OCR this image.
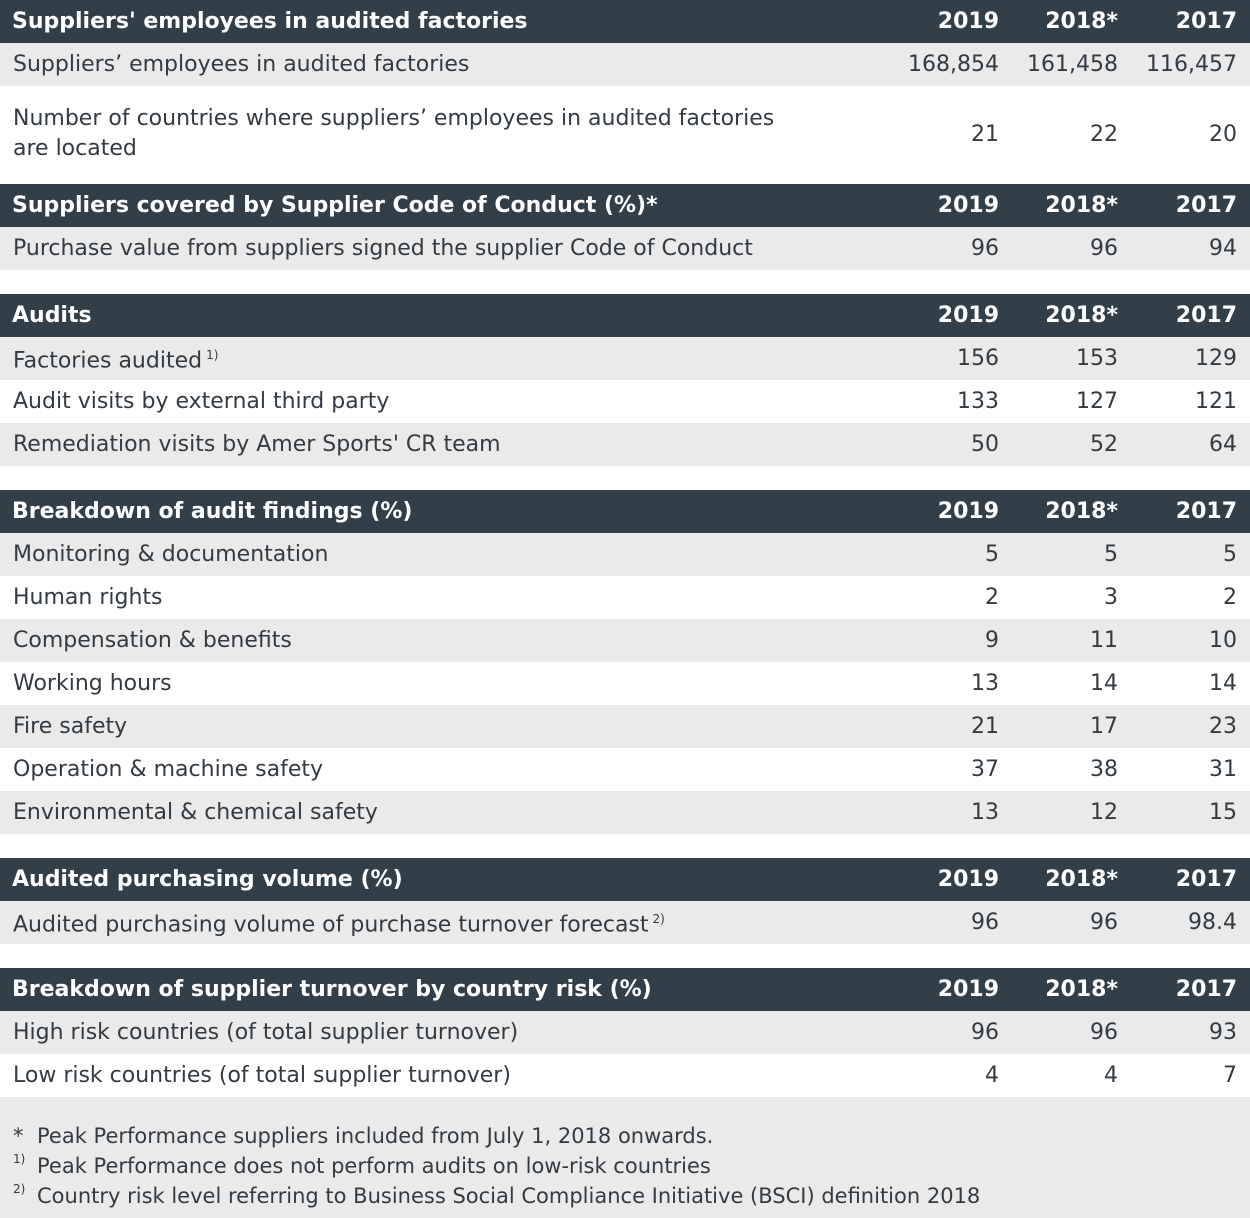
Suppliers' employees in audited factories	2019	2018*	2017
Suppliers’ employees in audited factories	168,854	161,458	116,457
Number of countries where suppliers’ employees in audited factories
are located
21	22	20
Suppliers covered by Supplier Code of Conduct (%)*	2019	2018*	2017
Purchase value from suppliers signed the supplier Code of Conduct	96	96	94
Audits	2019	2018*	2017
Factories audited $^{1)}$	156	153	129
Audit visits by external third party	133	127	121
Remediation visits by Amer Sports' CR team	50	52	64
Breakdown of audit findings (%)	2019	2018*	2017
Monitoring & documentation	5	5	5
Human rights	2	3	2
Compensation & benefits	9	11	10
Working hours	13	14	14
Fire safety	21	17	23
Operation & machine safety	37	38	31
Environmental & chemical safety	13	12	15
Audited purchasing volume (%)	2019	2018*	2017
Audited purchasing volume of purchase turnover forecast $^{2)}$	96	96	98.4
Breakdown of supplier turnover by country risk (%)	2019	2018*	2017
High risk countries (of total supplier turnover)	96	96	93
Low risk countries (of total supplier turnover)	4	4	7
* Peak Performance suppliers included from July 1, 2018 onwards.
1) Peak Performance does not perform audits on low-risk countries
2) Country risk level referring to Business Social Compliance Initiative (BSCI) definition 2018
